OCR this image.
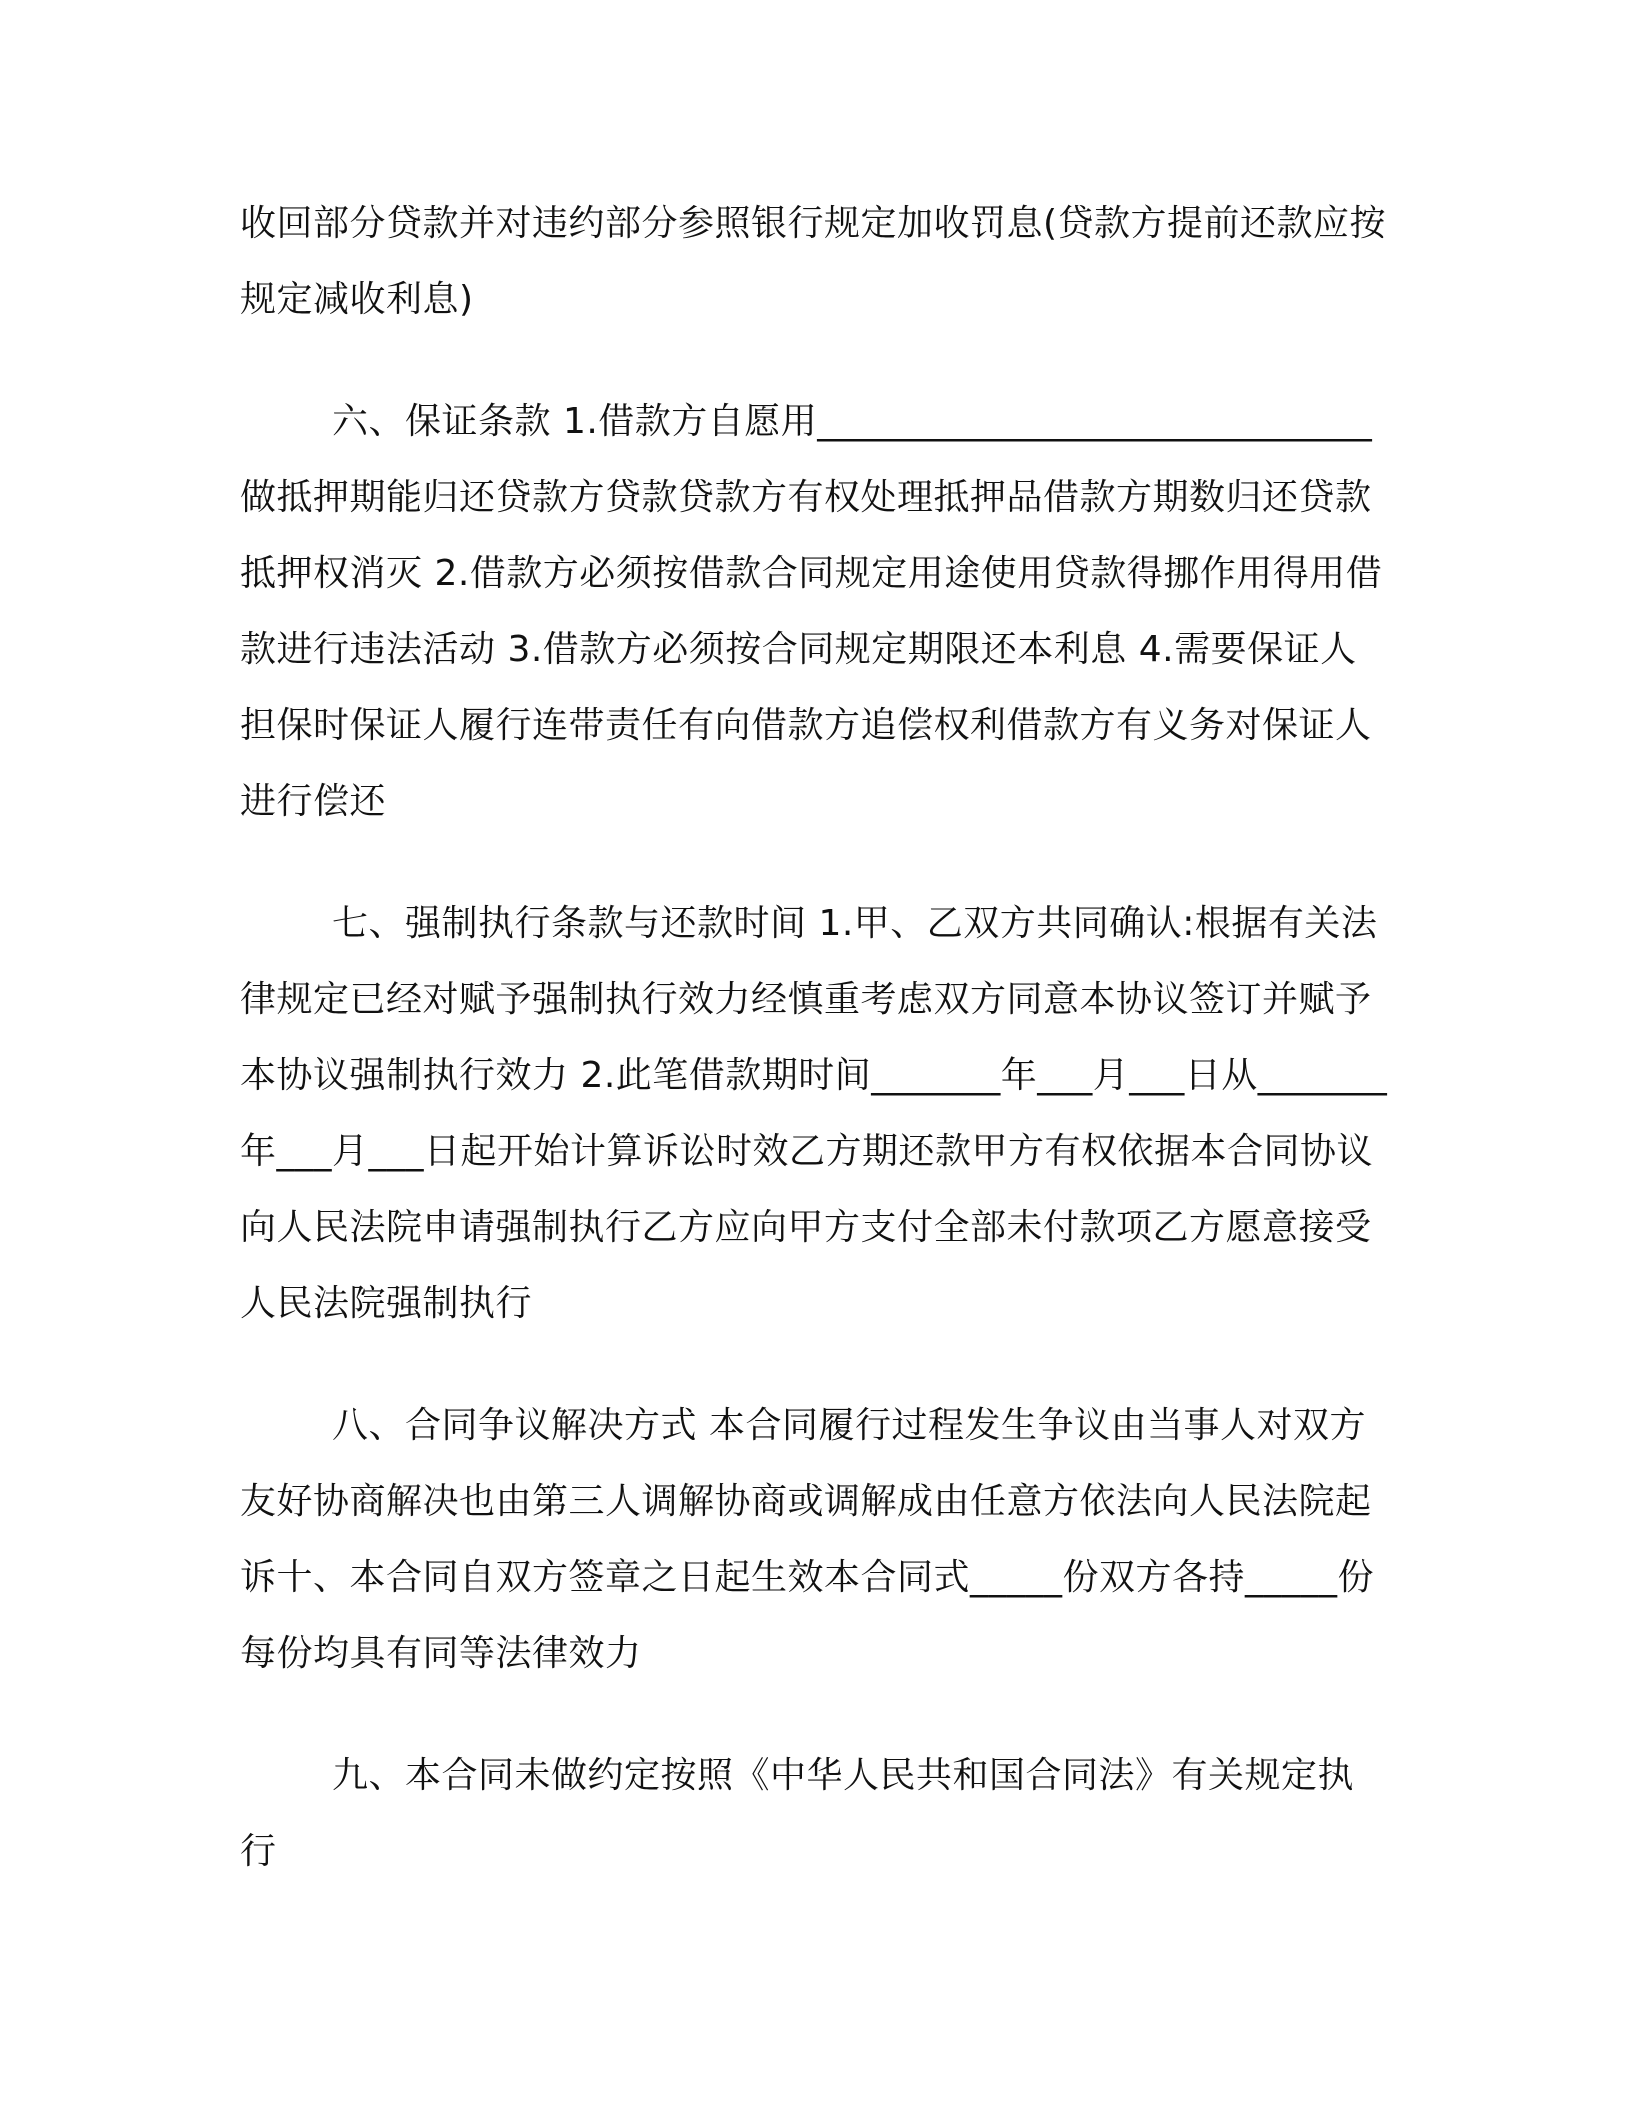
收回部分贷款并对违约部分参照银行规定加收罚息(贷款方提前还款应按规定减收利息)

六、保证条款 1.借款方自愿用______________________________做抵押期能归还贷款方贷款贷款方有权处理抵押品借款方期数归还贷款抵押权消灭 2.借款方必须按借款合同规定用途使用贷款得挪作用得用借款进行违法活动 3.借款方必须按合同规定期限还本利息 4.需要保证人担保时保证人履行连带责任有向借款方追偿权利借款方有义务对保证人进行偿还

七、强制执行条款与还款时间 1.甲、乙双方共同确认:根据有关法律规定已经对赋予强制执行效力经慎重考虑双方同意本协议签订并赋予本协议强制执行效力 2.此笔借款期时间_______年___月___日从_______年___月___日起开始计算诉讼时效乙方期还款甲方有权依据本合同协议向人民法院申请强制执行乙方应向甲方支付全部未付款项乙方愿意接受人民法院强制执行

八、合同争议解决方式 本合同履行过程发生争议由当事人对双方友好协商解决也由第三人调解协商或调解成由任意方依法向人民法院起诉十、本合同自双方签章之日起生效本合同式_____份双方各持_____份每份均具有同等法律效力

九、本合同未做约定按照《中华人民共和国合同法》有关规定执行
